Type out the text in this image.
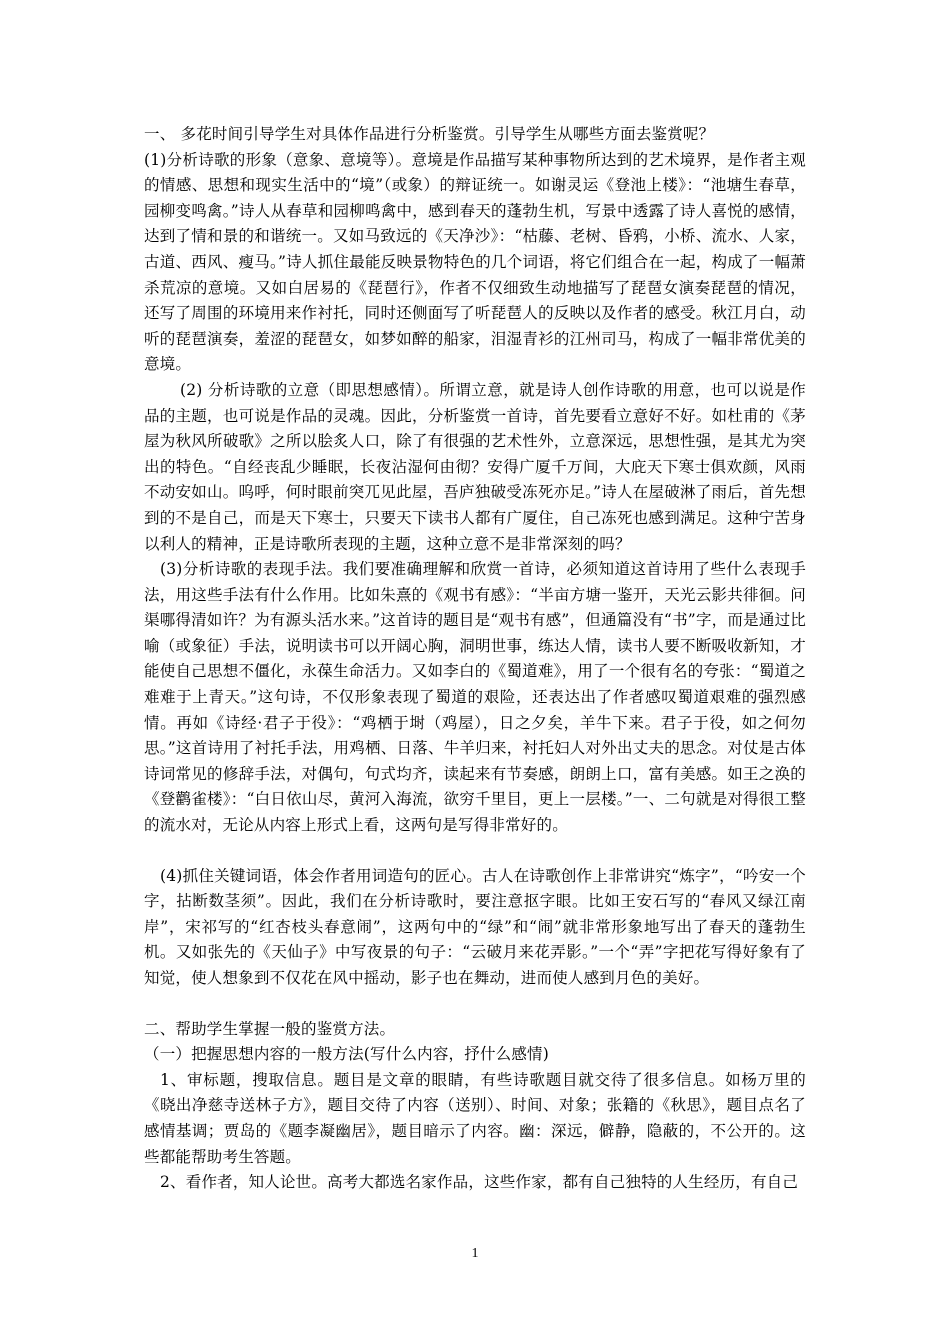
一、 多花时间引导学生对具体作品进行分析鉴赏。引导学生从哪些方面去鉴赏呢？

(1)分析诗歌的形象（意象、意境等）。意境是作品描写某种事物所达到的艺术境界，是作者主观的情感、思想和现实生活中的“境”（或象）的辩证统一。如谢灵运《登池上楼》：“池塘生春草，园柳变鸣禽。”诗人从春草和园柳鸣禽中，感到春天的蓬勃生机，写景中透露了诗人喜悦的感情，达到了情和景的和谐统一。又如马致远的《天净沙》：“枯藤、老树、昏鸦，小桥、流水、人家，古道、西风、瘦马。”诗人抓住最能反映景物特色的几个词语，将它们组合在一起，构成了一幅萧杀荒凉的意境。又如白居易的《琵琶行》，作者不仅细致生动地描写了琵琶女演奏琵琶的情况，还写了周围的环境用来作衬托，同时还侧面写了听琵琶人的反映以及作者的感受。秋江月白，动听的琵琶演奏，羞涩的琵琶女，如梦如醉的船家，泪湿青衫的江州司马，构成了一幅非常优美的意境。

(2) 分析诗歌的立意（即思想感情）。所谓立意，就是诗人创作诗歌的用意，也可以说是作品的主题，也可说是作品的灵魂。因此，分析鉴赏一首诗，首先要看立意好不好。如杜甫的《茅屋为秋风所破歌》之所以脍炙人口，除了有很强的艺术性外，立意深远，思想性强，是其尤为突出的特色。“自经丧乱少睡眠，长夜沾湿何由彻？安得广厦千万间，大庇天下寒士俱欢颜，风雨不动安如山。呜呼，何时眼前突兀见此屋，吾庐独破受冻死亦足。”诗人在屋破淋了雨后，首先想到的不是自己，而是天下寒士，只要天下读书人都有广厦住，自己冻死也感到满足。这种宁苦身以利人的精神，正是诗歌所表现的主题，这种立意不是非常深刻的吗？

(3)分析诗歌的表现手法。我们要准确理解和欣赏一首诗，必须知道这首诗用了些什么表现手法，用这些手法有什么作用。比如朱熹的《观书有感》：“半亩方塘一鉴开，天光云影共徘徊。问渠哪得清如许？为有源头活水来。”这首诗的题目是“观书有感”，但通篇没有“书”字，而是通过比喻（或象征）手法，说明读书可以开阔心胸，洞明世事，练达人情，读书人要不断吸收新知，才能使自己思想不僵化，永葆生命活力。又如李白的《蜀道难》，用了一个很有名的夸张：“蜀道之难难于上青天。”这句诗，不仅形象表现了蜀道的艰险，还表达出了作者感叹蜀道艰难的强烈感情。再如《诗经·君子于役》：“鸡栖于埘（鸡屋），日之夕矣，羊牛下来。君子于役，如之何勿思。”这首诗用了衬托手法，用鸡栖、日落、牛羊归来，衬托妇人对外出丈夫的思念。对仗是古体诗词常见的修辞手法，对偶句，句式均齐，读起来有节奏感，朗朗上口，富有美感。如王之涣的《登鹳雀楼》：“白日依山尽，黄河入海流，欲穷千里目，更上一层楼。”一、二句就是对得很工整的流水对，无论从内容上形式上看，这两句是写得非常好的。

(4)抓住关键词语，体会作者用词造句的匠心。古人在诗歌创作上非常讲究“炼字”，“吟安一个字，拈断数茎须”。因此，我们在分析诗歌时，要注意抠字眼。比如王安石写的“春风又绿江南岸”，宋祁写的“红杏枝头春意闹”，这两句中的“绿”和“闹”就非常形象地写出了春天的蓬勃生机。又如张先的《天仙子》中写夜景的句子：“云破月来花弄影。”一个“弄”字把花写得好象有了知觉，使人想象到不仅花在风中摇动，影子也在舞动，进而使人感到月色的美好。

二、帮助学生掌握一般的鉴赏方法。

（一）把握思想内容的一般方法(写什么内容，抒什么感情)

1、审标题，搜取信息。题目是文章的眼睛，有些诗歌题目就交待了很多信息。如杨万里的《晓出净慈寺送林子方》，题目交待了内容（送别）、时间、对象；张籍的《秋思》，题目点名了感情基调；贾岛的《题李凝幽居》，题目暗示了内容。幽：深远，僻静，隐蔽的，不公开的。这些都能帮助考生答题。

2、看作者，知人论世。高考大都选名家作品，这些作家，都有自己独特的人生经历，有自己

1
